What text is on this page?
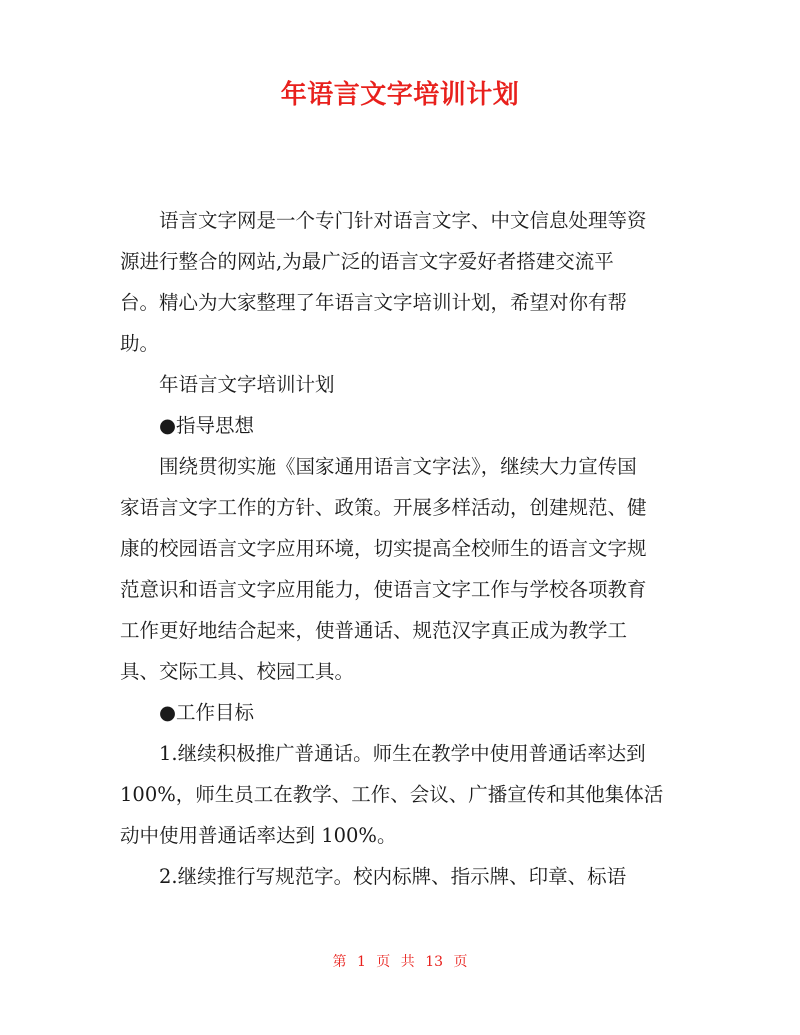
年语言文字培训计划
语言文字网是一个专门针对语言文字、中文信息处理等资
源进行整合的网站,为最广泛的语言文字爱好者搭建交流平
台。精心为大家整理了年语言文字培训计划，希望对你有帮
助。
年语言文字培训计划
●指导思想
围绕贯彻实施《国家通用语言文字法》，继续大力宣传国
家语言文字工作的方针、政策。开展多样活动，创建规范、健
康的校园语言文字应用环境，切实提高全校师生的语言文字规
范意识和语言文字应用能力，使语言文字工作与学校各项教育
工作更好地结合起来，使普通话、规范汉字真正成为教学工
具、交际工具、校园工具。
●工作目标
1.继续积极推广普通话。师生在教学中使用普通话率达到
100%，师生员工在教学、工作、会议、广播宣传和其他集体活
动中使用普通话率达到 100%。
2.继续推行写规范字。校内标牌、指示牌、印章、标语
第 1 页 共 13 页
